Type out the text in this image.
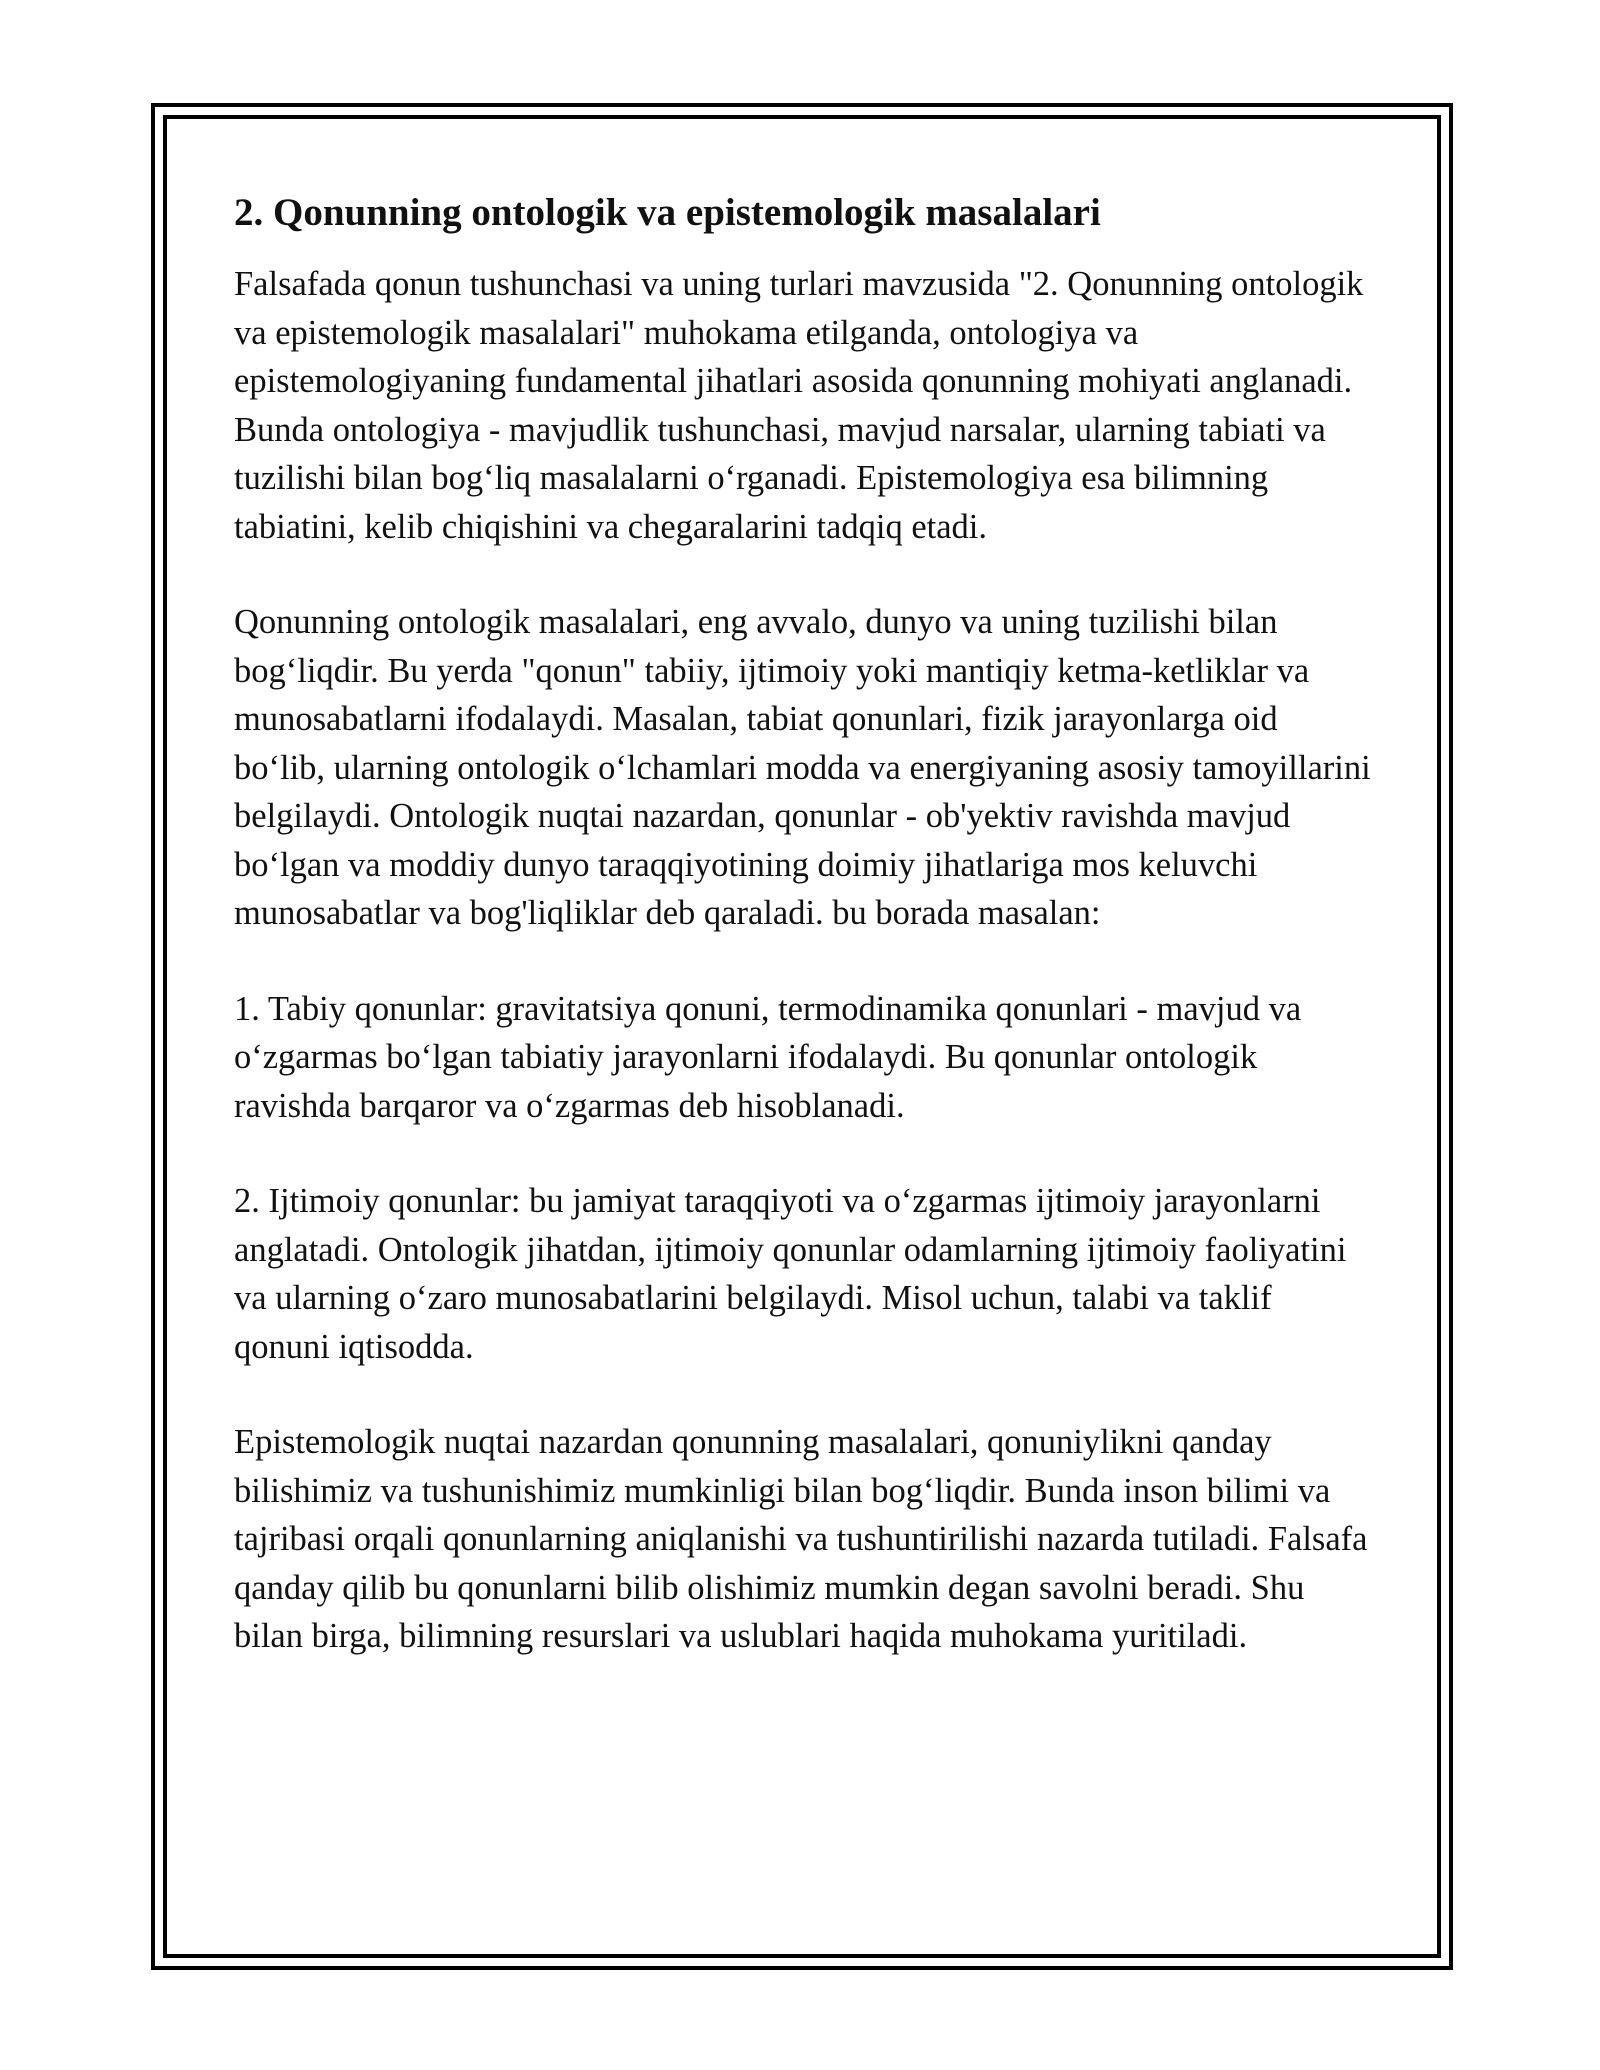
2. Qonunning ontologik va epistemologik masalalari

Falsafada qonun tushunchasi va uning turlari mavzusida "2. Qonunning ontologik va epistemologik masalalari" muhokama etilganda, ontologiya va epistemologiyaning fundamental jihatlari asosida qonunning mohiyati anglanadi. Bunda ontologiya - mavjudlik tushunchasi, mavjud narsalar, ularning tabiati va tuzilishi bilan bog‘liq masalalarni o‘rganadi. Epistemologiya esa bilimning tabiatini, kelib chiqishini va chegaralarini tadqiq etadi.

Qonunning ontologik masalalari, eng avvalo, dunyo va uning tuzilishi bilan bog‘liqdir. Bu yerda "qonun" tabiiy, ijtimoiy yoki mantiqiy ketma-ketliklar va munosabatlarni ifodalaydi. Masalan, tabiat qonunlari, fizik jarayonlarga oid bo‘lib, ularning ontologik o‘lchamlari modda va energiyaning asosiy tamoyillarini belgilaydi. Ontologik nuqtai nazardan, qonunlar - ob'yektiv ravishda mavjud bo‘lgan va moddiy dunyo taraqqiyotining doimiy jihatlariga mos keluvchi munosabatlar va bog'liqliklar deb qaraladi. bu borada masalan:

1. Tabiy qonunlar: gravitatsiya qonuni, termodinamika qonunlari - mavjud va o‘zgarmas bo‘lgan tabiatiy jarayonlarni ifodalaydi. Bu qonunlar ontologik ravishda barqaror va o‘zgarmas deb hisoblanadi.

2. Ijtimoiy qonunlar: bu jamiyat taraqqiyoti va o‘zgarmas ijtimoiy jarayonlarni anglatadi. Ontologik jihatdan, ijtimoiy qonunlar odamlarning ijtimoiy faoliyatini va ularning o‘zaro munosabatlarini belgilaydi. Misol uchun, talabi va taklif qonuni iqtisodda.

Epistemologik nuqtai nazardan qonunning masalalari, qonuniylikni qanday bilishimiz va tushunishimiz mumkinligi bilan bog‘liqdir. Bunda inson bilimi va tajribasi orqali qonunlarning aniqlanishi va tushuntirilishi nazarda tutiladi. Falsafa qanday qilib bu qonunlarni bilib olishimiz mumkin degan savolni beradi. Shu bilan birga, bilimning resurslari va uslublari haqida muhokama yuritiladi.
